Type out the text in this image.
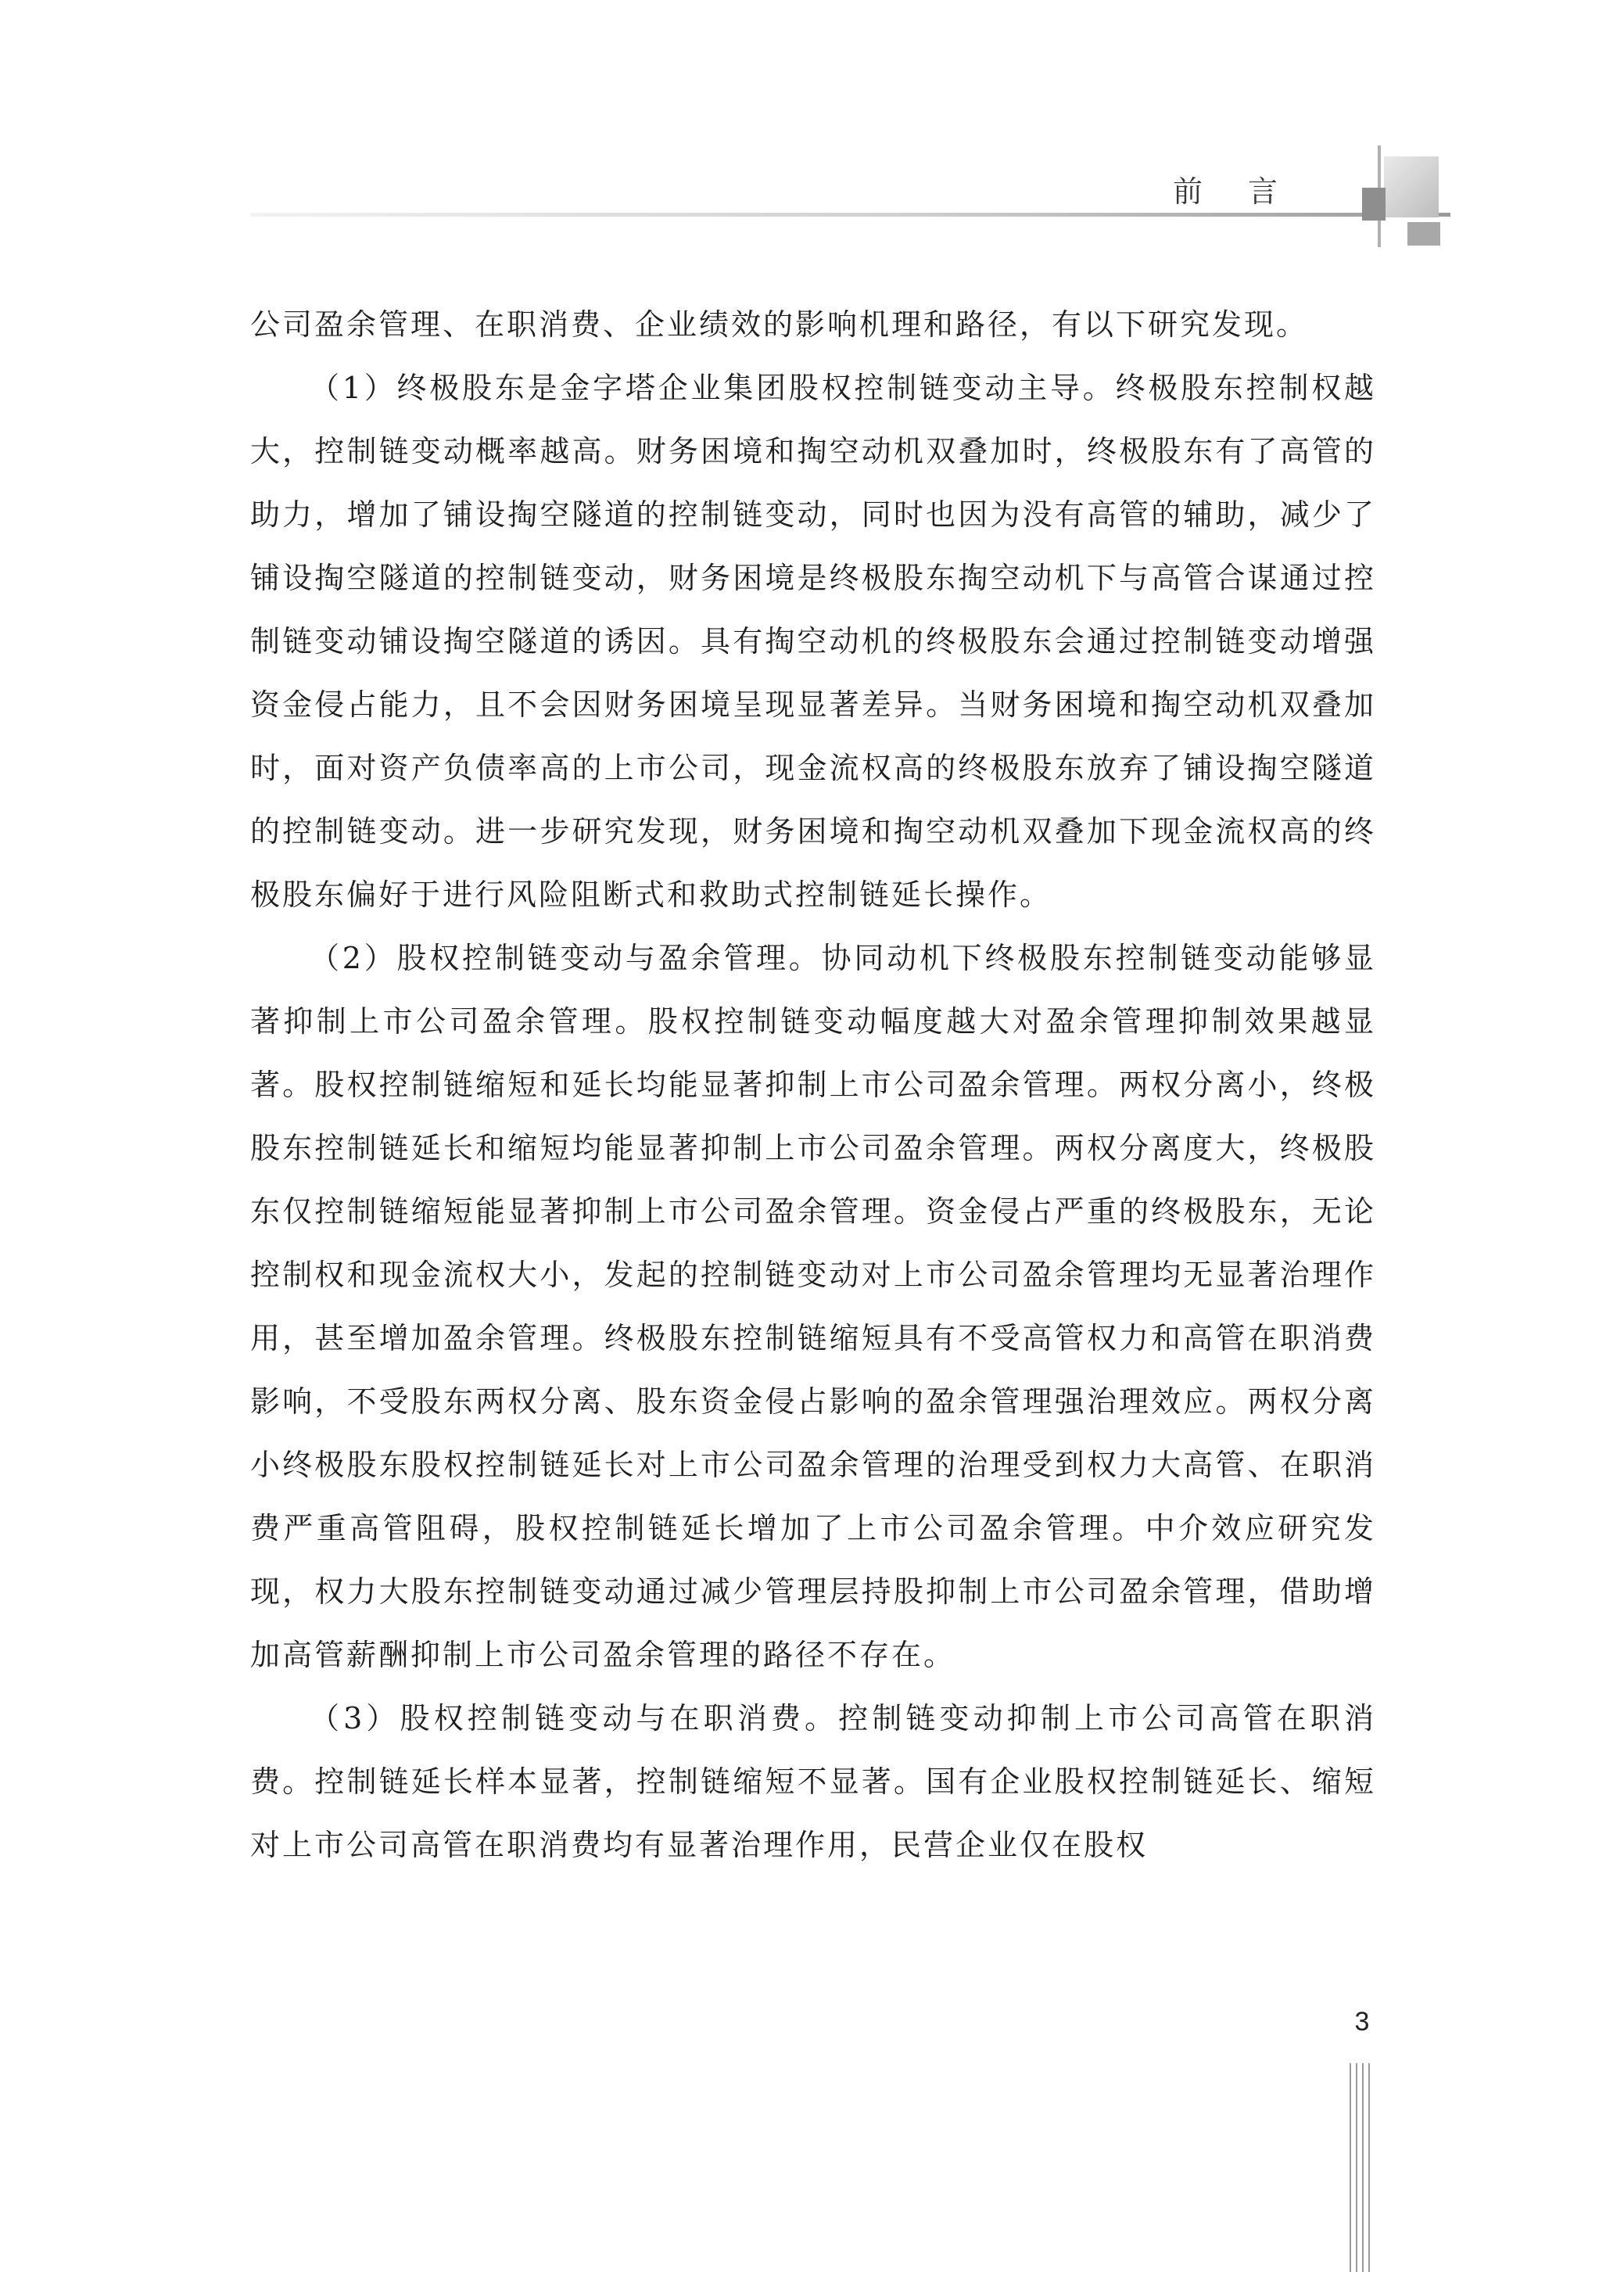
前言

公司盈余管理、在职消费、企业绩效的影响机理和路径，有以下研究发现。

（1）终极股东是金字塔企业集团股权控制链变动主导。终极股东控制权越大，控制链变动概率越高。财务困境和掏空动机双叠加时，终极股东有了高管的助力，增加了铺设掏空隧道的控制链变动，同时也因为没有高管的辅助，减少了铺设掏空隧道的控制链变动，财务困境是终极股东掏空动机下与高管合谋通过控制链变动铺设掏空隧道的诱因。具有掏空动机的终极股东会通过控制链变动增强资金侵占能力，且不会因财务困境呈现显著差异。当财务困境和掏空动机双叠加时，面对资产负债率高的上市公司，现金流权高的终极股东放弃了铺设掏空隧道的控制链变动。进一步研究发现，财务困境和掏空动机双叠加下现金流权高的终极股东偏好于进行风险阻断式和救助式控制链延长操作。

（2）股权控制链变动与盈余管理。协同动机下终极股东控制链变动能够显著抑制上市公司盈余管理。股权控制链变动幅度越大对盈余管理抑制效果越显著。股权控制链缩短和延长均能显著抑制上市公司盈余管理。两权分离小，终极股东控制链延长和缩短均能显著抑制上市公司盈余管理。两权分离度大，终极股东仅控制链缩短能显著抑制上市公司盈余管理。资金侵占严重的终极股东，无论控制权和现金流权大小，发起的控制链变动对上市公司盈余管理均无显著治理作用，甚至增加盈余管理。终极股东控制链缩短具有不受高管权力和高管在职消费影响，不受股东两权分离、股东资金侵占影响的盈余管理强治理效应。两权分离小终极股东股权控制链延长对上市公司盈余管理的治理受到权力大高管、在职消费严重高管阻碍，股权控制链延长增加了上市公司盈余管理。中介效应研究发现，权力大股东控制链变动通过减少管理层持股抑制上市公司盈余管理，借助增加高管薪酬抑制上市公司盈余管理的路径不存在。

（3）股权控制链变动与在职消费。控制链变动抑制上市公司高管在职消费。控制链延长样本显著，控制链缩短不显著。国有企业股权控制链延长、缩短对上市公司高管在职消费均有显著治理作用，民营企业仅在股权

3
